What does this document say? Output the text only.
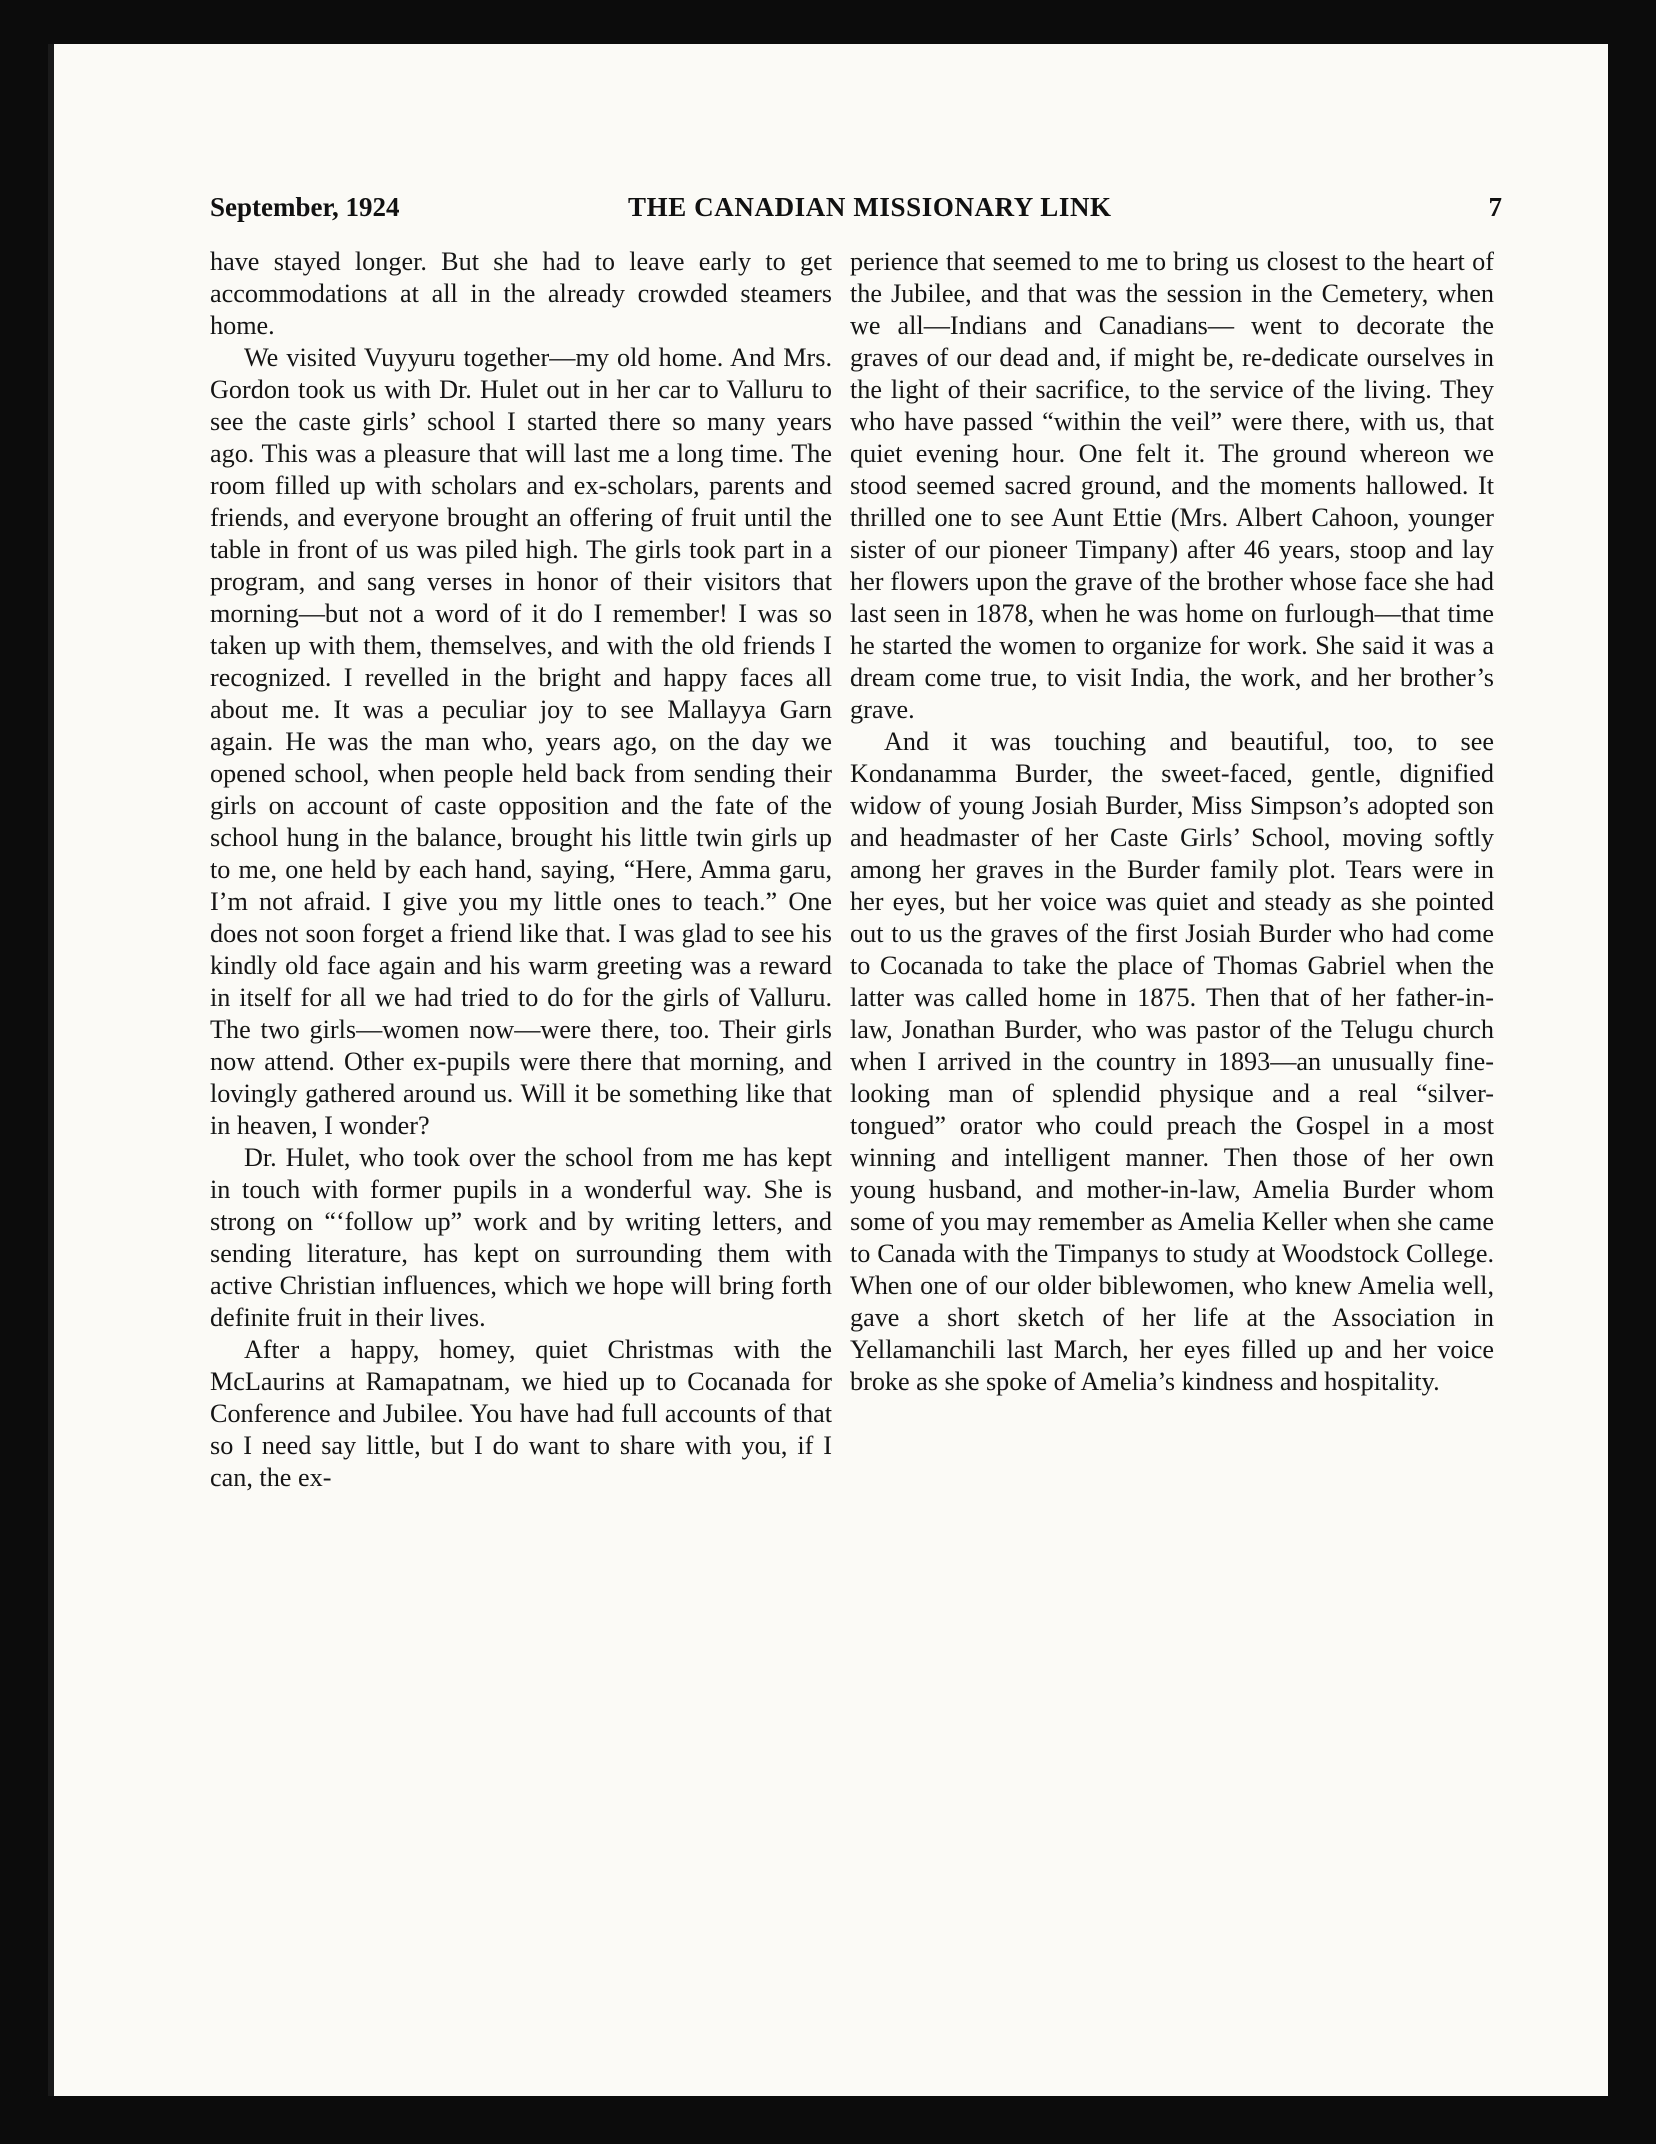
September, 1924	THE CANADIAN MISSIONARY LINK	7

have stayed longer. But she had to leave early to get accommodations at all in the already crowded steamers home.

We visited Vuyyuru together—my old home. And Mrs. Gordon took us with Dr. Hulet out in her car to Valluru to see the caste girls’ school I started there so many years ago. This was a pleasure that will last me a long time. The room filled up with scholars and ex-scholars, parents and friends, and everyone brought an offering of fruit until the table in front of us was piled high. The girls took part in a program, and sang verses in honor of their visitors that morning—but not a word of it do I remember! I was so taken up with them, themselves, and with the old friends I recognized. I revelled in the bright and happy faces all about me. It was a peculiar joy to see Mallayya Garn again. He was the man who, years ago, on the day we opened school, when people held back from sending their girls on account of caste opposition and the fate of the school hung in the balance, brought his little twin girls up to me, one held by each hand, saying, “Here, Amma garu, I’m not afraid. I give you my little ones to teach.” One does not soon forget a friend like that. I was glad to see his kindly old face again and his warm greeting was a reward in itself for all we had tried to do for the girls of Valluru. The two girls—women now—were there, too. Their girls now attend. Other ex-pupils were there that morning, and lovingly gathered around us. Will it be something like that in heaven, I wonder?

Dr. Hulet, who took over the school from me has kept in touch with former pupils in a wonderful way. She is strong on “‘follow up” work and by writing letters, and sending literature, has kept on surrounding them with active Christian influences, which we hope will bring forth definite fruit in their lives.

After a happy, homey, quiet Christmas with the McLaurins at Ramapatnam, we hied up to Cocanada for Conference and Jubilee. You have had full accounts of that so I need say little, but I do want to share with you, if I can, the ex-

perience that seemed to me to bring us closest to the heart of the Jubilee, and that was the session in the Cemetery, when we all—Indians and Canadians— went to decorate the graves of our dead and, if might be, re-dedicate ourselves in the light of their sacrifice, to the service of the living. They who have passed “within the veil” were there, with us, that quiet evening hour. One felt it. The ground whereon we stood seemed sacred ground, and the moments hallowed. It thrilled one to see Aunt Ettie (Mrs. Albert Cahoon, younger sister of our pioneer Timpany) after 46 years, stoop and lay her flowers upon the grave of the brother whose face she had last seen in 1878, when he was home on furlough—that time he started the women to organize for work. She said it was a dream come true, to visit India, the work, and her brother’s grave.

And it was touching and beautiful, too, to see Kondanamma Burder, the sweet-faced, gentle, dignified widow of young Josiah Burder, Miss Simpson’s adopted son and headmaster of her Caste Girls’ School, moving softly among her graves in the Burder family plot. Tears were in her eyes, but her voice was quiet and steady as she pointed out to us the graves of the first Josiah Burder who had come to Cocanada to take the place of Thomas Gabriel when the latter was called home in 1875. Then that of her father-in-law, Jonathan Burder, who was pastor of the Telugu church when I arrived in the country in 1893—an unusually fine-looking man of splendid physique and a real “silver-tongued” orator who could preach the Gospel in a most winning and intelligent manner. Then those of her own young husband, and mother-in-law, Amelia Burder whom some of you may remember as Amelia Keller when she came to Canada with the Timpanys to study at Woodstock College. When one of our older biblewomen, who knew Amelia well, gave a short sketch of her life at the Association in Yellamanchili last March, her eyes filled up and her voice broke as she spoke of Amelia’s kindness and hospitality.
